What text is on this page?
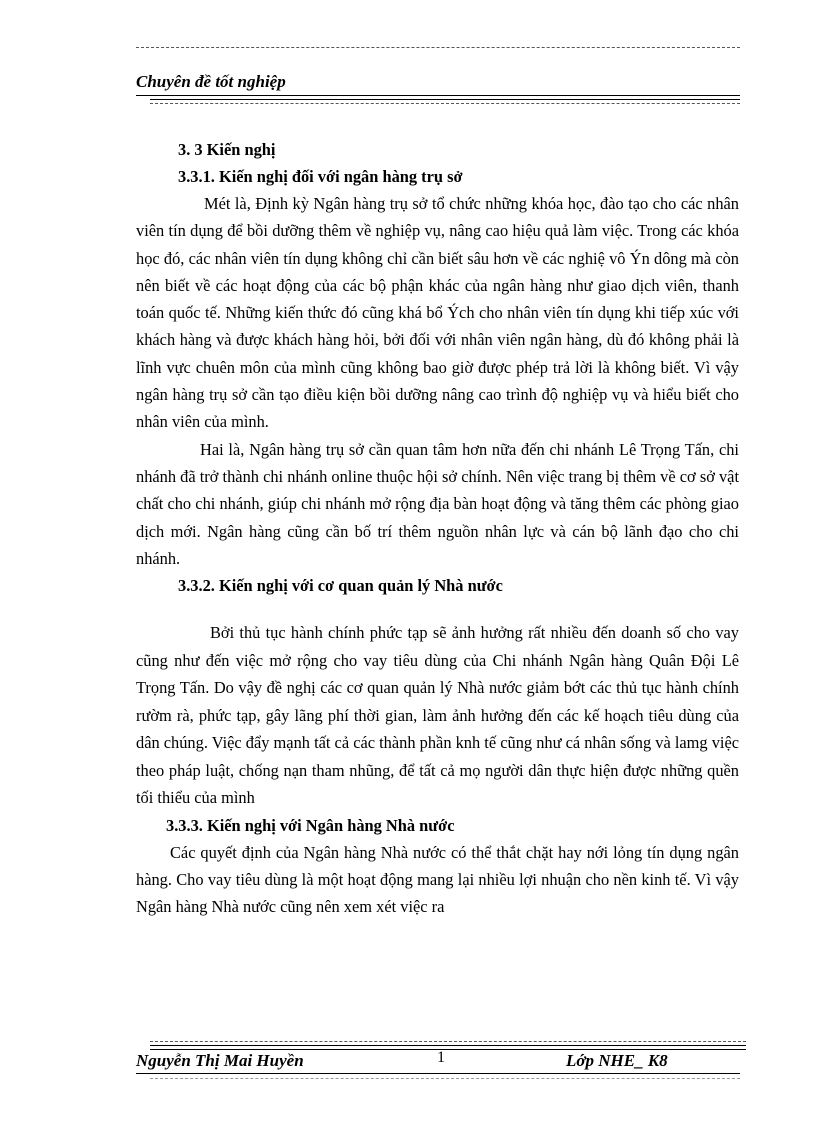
Chuyên đề tốt nghiệp

3. 3 Kiến nghị

3.3.1. Kiến nghị đối với ngân hàng trụ sở

Mét là, Định kỳ Ngân hàng trụ sở tổ chức những khóa học, đào tạo cho các nhân viên tín dụng để bồi dưỡng thêm về nghiệp vụ, nâng cao hiệu quả làm việc. Trong các khóa học đó, các nhân viên tín dụng không chỉ cần biết sâu hơn về các nghiệ vô Ýn dông mà còn nên biết về các hoạt động của các bộ phận khác của ngân hàng như giao dịch viên, thanh toán quốc tế. Những kiến thức đó cũng khá bổ Ých cho nhân viên tín dụng khi tiếp xúc với khách hàng và được khách hàng hỏi, bởi đối với nhân viên ngân hàng, dù đó không phải là lĩnh vực chuên môn của mình cũng không bao giờ được phép trả lời là không biết. Vì vậy ngân hàng trụ sở cần tạo điều kiện bồi dưỡng nâng cao trình độ nghiệp vụ và hiểu biết cho nhân viên của mình.

Hai là, Ngân hàng trụ sở cần quan tâm hơn nữa đến chi nhánh Lê Trọng Tấn, chi nhánh đã trở thành chi nhánh online thuộc hội sở chính. Nên việc trang bị thêm về cơ sở vật chất cho chi nhánh, giúp chi nhánh mở rộng địa bàn hoạt động và tăng thêm các phòng giao dịch mới. Ngân hàng cũng cần bố trí thêm nguồn nhân lực và cán bộ lãnh đạo cho chi nhánh.

3.3.2. Kiến nghị với cơ quan quản lý Nhà nước

Bởi thủ tục hành chính phức tạp sẽ ảnh hưởng rất nhiều đến doanh số cho vay cũng như đến việc mở rộng cho vay tiêu dùng của Chi nhánh Ngân hàng Quân Đội Lê Trọng Tấn. Do vậy đề nghị các cơ quan quản lý Nhà nước giảm bớt các thủ tục hành chính rườm rà, phức tạp, gây lãng phí thời gian, làm ảnh hưởng đến các kế hoạch tiêu dùng của dân chúng. Việc đẩy mạnh tất cả các thành phần knh tế cũng như cá nhân sống và lamg việc theo pháp luật, chống nạn tham nhũng, để tất cả mọ người dân thực hiện được những quền tối thiểu của mình

3.3.3. Kiến nghị với Ngân hàng Nhà nước

Các quyết định của Ngân hàng Nhà nước có thể thắt chặt hay nới lỏng tín dụng ngân hàng. Cho vay tiêu dùng là một hoạt động mang lại nhiều lợi nhuận cho nền kinh tế. Vì vậy Ngân hàng Nhà nước cũng nên xem xét việc ra

Nguyễn Thị Mai Huyền	1	Lớp NHE_ K8
